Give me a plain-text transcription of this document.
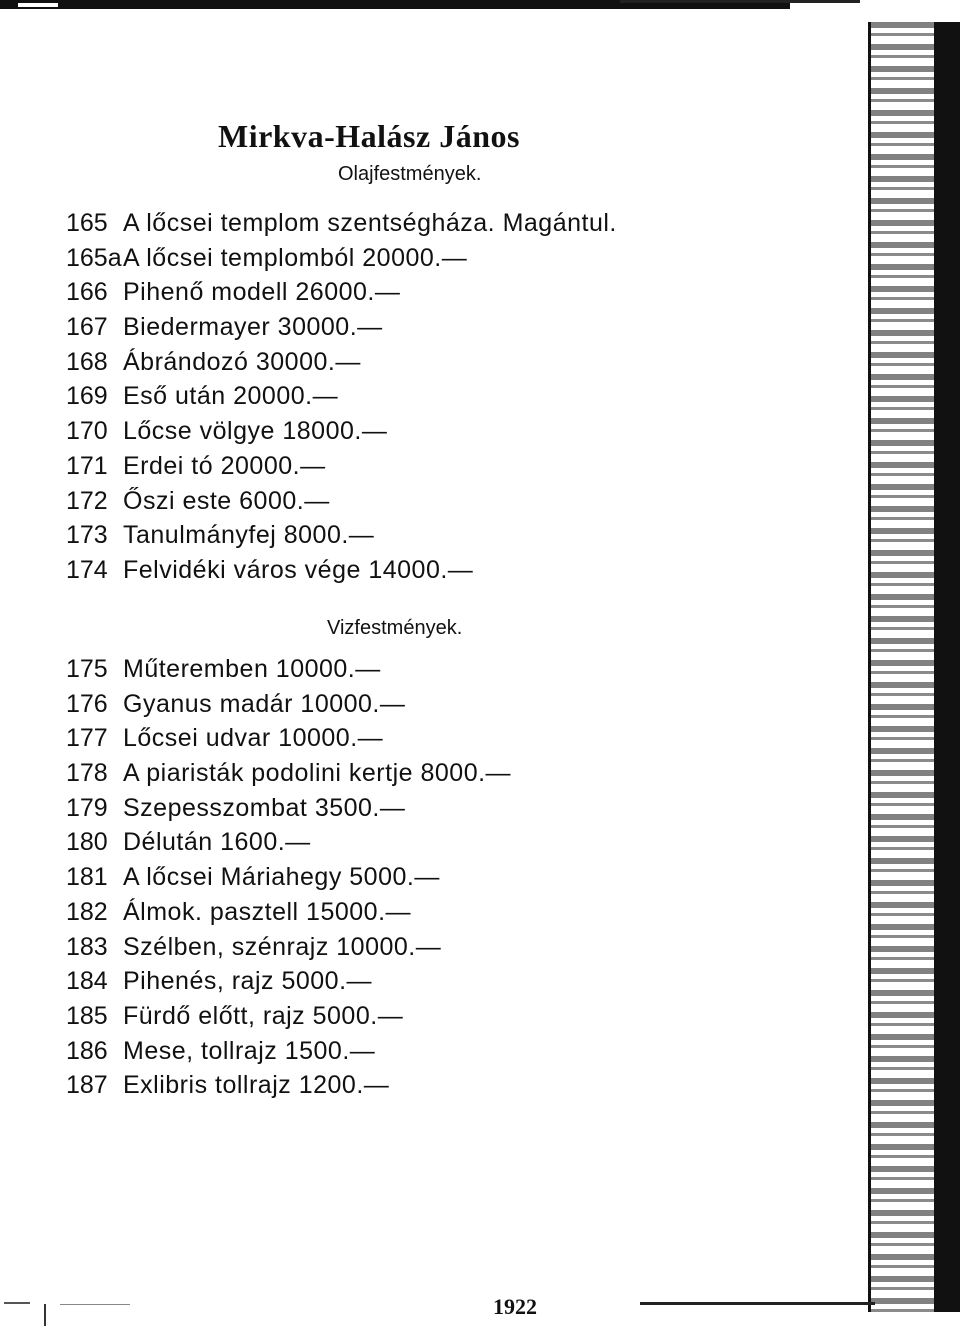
Mirkva-Halász János
Olajfestmények.
165 A lőcsei templom szentségháza. Magántul.
165a A lőcsei templomból 20000.—
166 Pihenő modell 26000.—
167 Biedermayer 30000.—
168 Ábrándozó 30000.—
169 Eső után 20000.—
170 Lőcse völgye 18000.—
171 Erdei tó 20000.—
172 Őszi este 6000.—
173 Tanulmányfej 8000.—
174 Felvidéki város vége 14000.—
Vizfestmények.
175 Műteremben 10000.—
176 Gyanus madár 10000.—
177 Lőcsei udvar 10000.—
178 A piaristák podolini kertje 8000.—
179 Szepesszombat 3500.—
180 Délután 1600.—
181 A lőcsei Máriahegy 5000.—
182 Álmok. pasztell 15000.—
183 Szélben, szénrajz 10000.—
184 Pihenés, rajz 5000.—
185 Fürdő előtt, rajz 5000.—
186 Mese, tollrajz 1500.—
187 Exlibris tollrajz 1200.—
1922
